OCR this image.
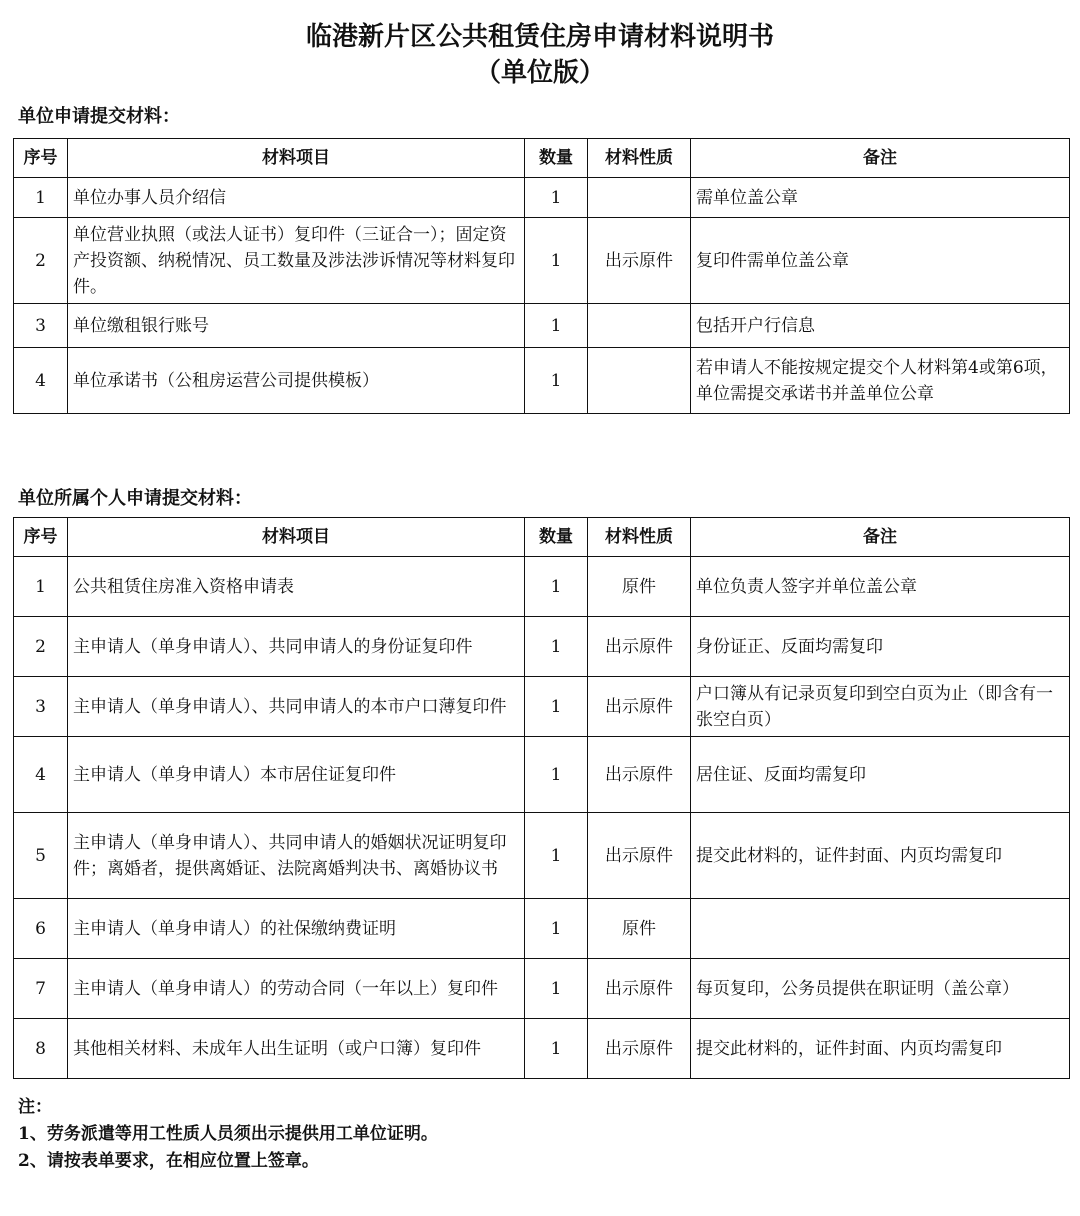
临港新片区公共租赁住房申请材料说明书
（单位版）
单位申请提交材料：
序号	材料项目	数量	材料性质	备注
1	单位办事人员介绍信	1		需单位盖公章
2	单位营业执照（或法人证书）复印件（三证合一）；固定资产投资额、纳税情况、员工数量及涉法涉诉情况等材料复印件。	1	出示原件	复印件需单位盖公章
3	单位缴租银行账号	1		包括开户行信息
4	单位承诺书（公租房运营公司提供模板）	1		若申请人不能按规定提交个人材料第4或第6项，单位需提交承诺书并盖单位公章
单位所属个人申请提交材料：
序号	材料项目	数量	材料性质	备注
1	公共租赁住房准入资格申请表	1	原件	单位负责人签字并单位盖公章
2	主申请人（单身申请人）、共同申请人的身份证复印件	1	出示原件	身份证正、反面均需复印
3	主申请人（单身申请人）、共同申请人的本市户口薄复印件	1	出示原件	户口簿从有记录页复印到空白页为止（即含有一张空白页）
4	主申请人（单身申请人）本市居住证复印件	1	出示原件	居住证、反面均需复印
5	主申请人（单身申请人）、共同申请人的婚姻状况证明复印件；离婚者，提供离婚证、法院离婚判决书、离婚协议书	1	出示原件	提交此材料的，证件封面、内页均需复印
6	主申请人（单身申请人）的社保缴纳费证明	1	原件	
7	主申请人（单身申请人）的劳动合同（一年以上）复印件	1	出示原件	每页复印，公务员提供在职证明（盖公章）
8	其他相关材料、未成年人出生证明（或户口簿）复印件	1	出示原件	提交此材料的，证件封面、内页均需复印
注：
1、劳务派遣等用工性质人员须出示提供用工单位证明。
2、请按表单要求，在相应位置上签章。
